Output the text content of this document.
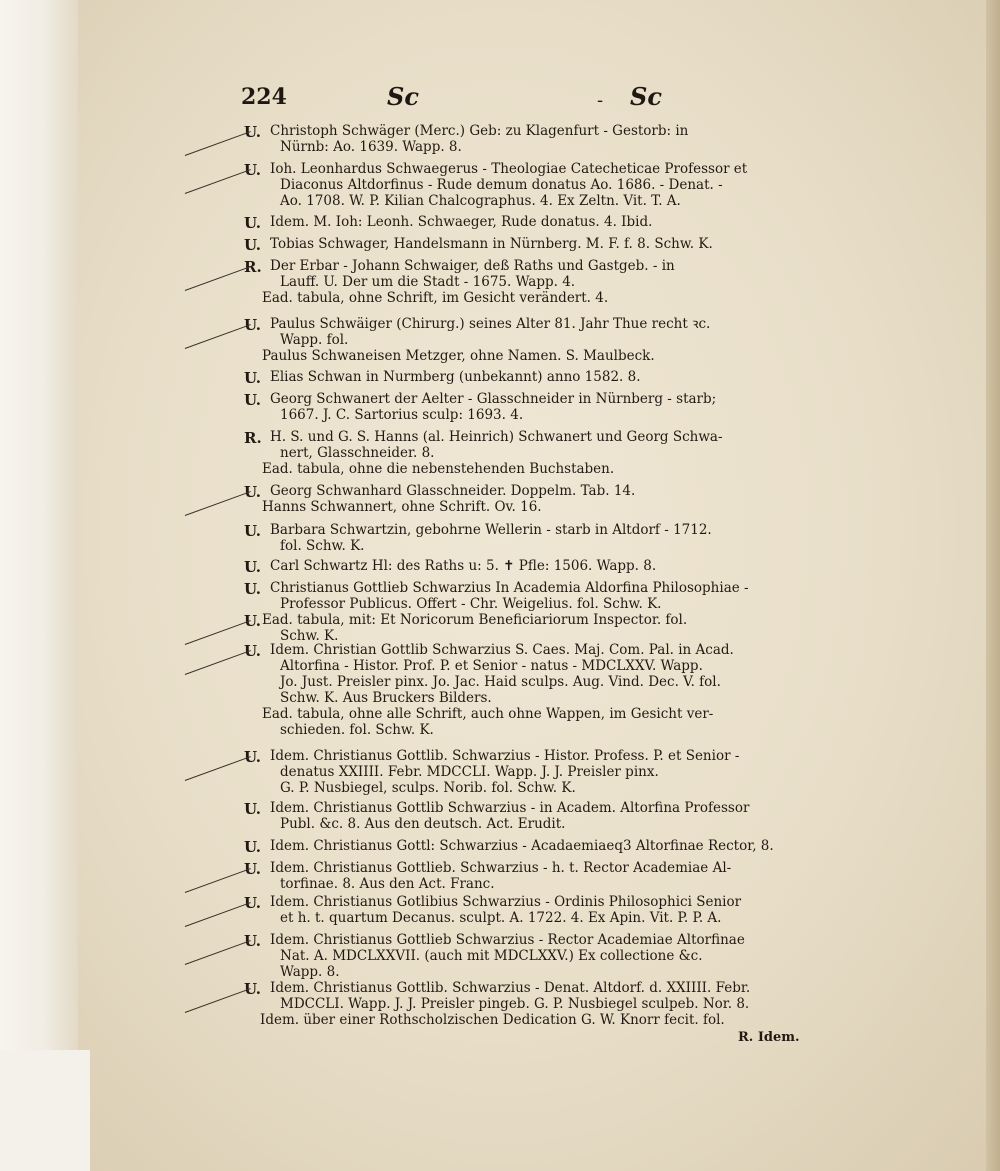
224	Sc	- Sc
U. Christoph Schwäger (Merc.) Geb: zu Klagenfurt - Gestorb: in
Nürnb: Ao. 1639. Wapp. 8.
U. Ioh. Leonhardus Schwaegerus - Theologiae Catecheticae Professor et
Diaconus Altdorfinus - Rude demum donatus Ao. 1686. - Denat. -
Ao. 1708. W. P. Kilian Chalcographus. 4. Ex Zeltn. Vit. T. A.
U. Idem. M. Ioh: Leonh. Schwaeger, Rude donatus. 4. Ibid.
U. Tobias Schwager, Handelsmann in Nürnberg. M. F. f. 8. Schw. K.
R. Der Erbar - Johann Schwaiger, deß Raths und Gastgeb. - in
Lauff. U. Der um die Stadt - 1675. Wapp. 4.
Ead. tabula, ohne Schrift, im Gesicht verändert. 4.
U. Paulus Schwäiger (Chirurg.) seines Alter 81. Jahr Thue recht ꝛc.
Wapp. fol.
Paulus Schwaneisen Metzger, ohne Namen. S. Maulbeck.
U. Elias Schwan in Nurmberg (unbekannt) anno 1582. 8.
U. Georg Schwanert der Aelter - Glasschneider in Nürnberg - starb;
1667. J. C. Sartorius sculp: 1693. 4.
R. H. S. und G. S. Hanns (al. Heinrich) Schwanert und Georg Schwa-
nert, Glasschneider. 8.
Ead. tabula, ohne die nebenstehenden Buchstaben.
U. Georg Schwanhard Glasschneider. Doppelm. Tab. 14.
Hanns Schwannert, ohne Schrift. Ov. 16.
U. Barbara Schwartzin, gebohrne Wellerin - starb in Altdorf - 1712.
fol. Schw. K.
U. Carl Schwartz Hl: des Raths u: 5. ✝ Pfle: 1506. Wapp. 8.
U. Christianus Gottlieb Schwarzius In Academia Aldorfina Philosophiae -
Professor Publicus. Offert - Chr. Weigelius. fol. Schw. K.
U. Ead. tabula, mit: Et Noricorum Beneficiariorum Inspector. fol.
Schw. K.
U. Idem. Christian Gottlib Schwarzius S. Caes. Maj. Com. Pal. in Acad.
Altorfina - Histor. Prof. P. et Senior - natus - MDCLXXV. Wapp.
Jo. Just. Preisler pinx. Jo. Jac. Haid sculps. Aug. Vind. Dec. V. fol.
Schw. K. Aus Bruckers Bilders.
Ead. tabula, ohne alle Schrift, auch ohne Wappen, im Gesicht ver-
schieden. fol. Schw. K.
U. Idem. Christianus Gottlib. Schwarzius - Histor. Profess. P. et Senior -
denatus XXIIII. Febr. MDCCLI. Wapp. J. J. Preisler pinx.
G. P. Nusbiegel, sculps. Norib. fol. Schw. K.
U. Idem. Christianus Gottlib Schwarzius - in Academ. Altorfina Professor
Publ. &c. 8. Aus den deutsch. Act. Erudit.
U. Idem. Christianus Gottl: Schwarzius - Acadaemiaeq3 Altorfinae Rector, 8.
U. Idem. Christianus Gottlieb. Schwarzius - h. t. Rector Academiae Al-
torfinae. 8. Aus den Act. Franc.
U. Idem. Christianus Gotlibius Schwarzius - Ordinis Philosophici Senior
et h. t. quartum Decanus. sculpt. A. 1722. 4. Ex Apin. Vit. P. P. A.
U. Idem. Christianus Gottlieb Schwarzius - Rector Academiae Altorfinae
Nat. A. MDCLXXVII. (auch mit MDCLXXV.) Ex collectione &c.
Wapp. 8.
U. Idem. Christianus Gottlib. Schwarzius - Denat. Altdorf. d. XXIIII. Febr.
MDCCLI. Wapp. J. J. Preisler pingeb. G. P. Nusbiegel sculpeb. Nor. 8.
Idem. über einer Rothscholzischen Dedication G. W. Knorr fecit. fol.
R. Idem.
